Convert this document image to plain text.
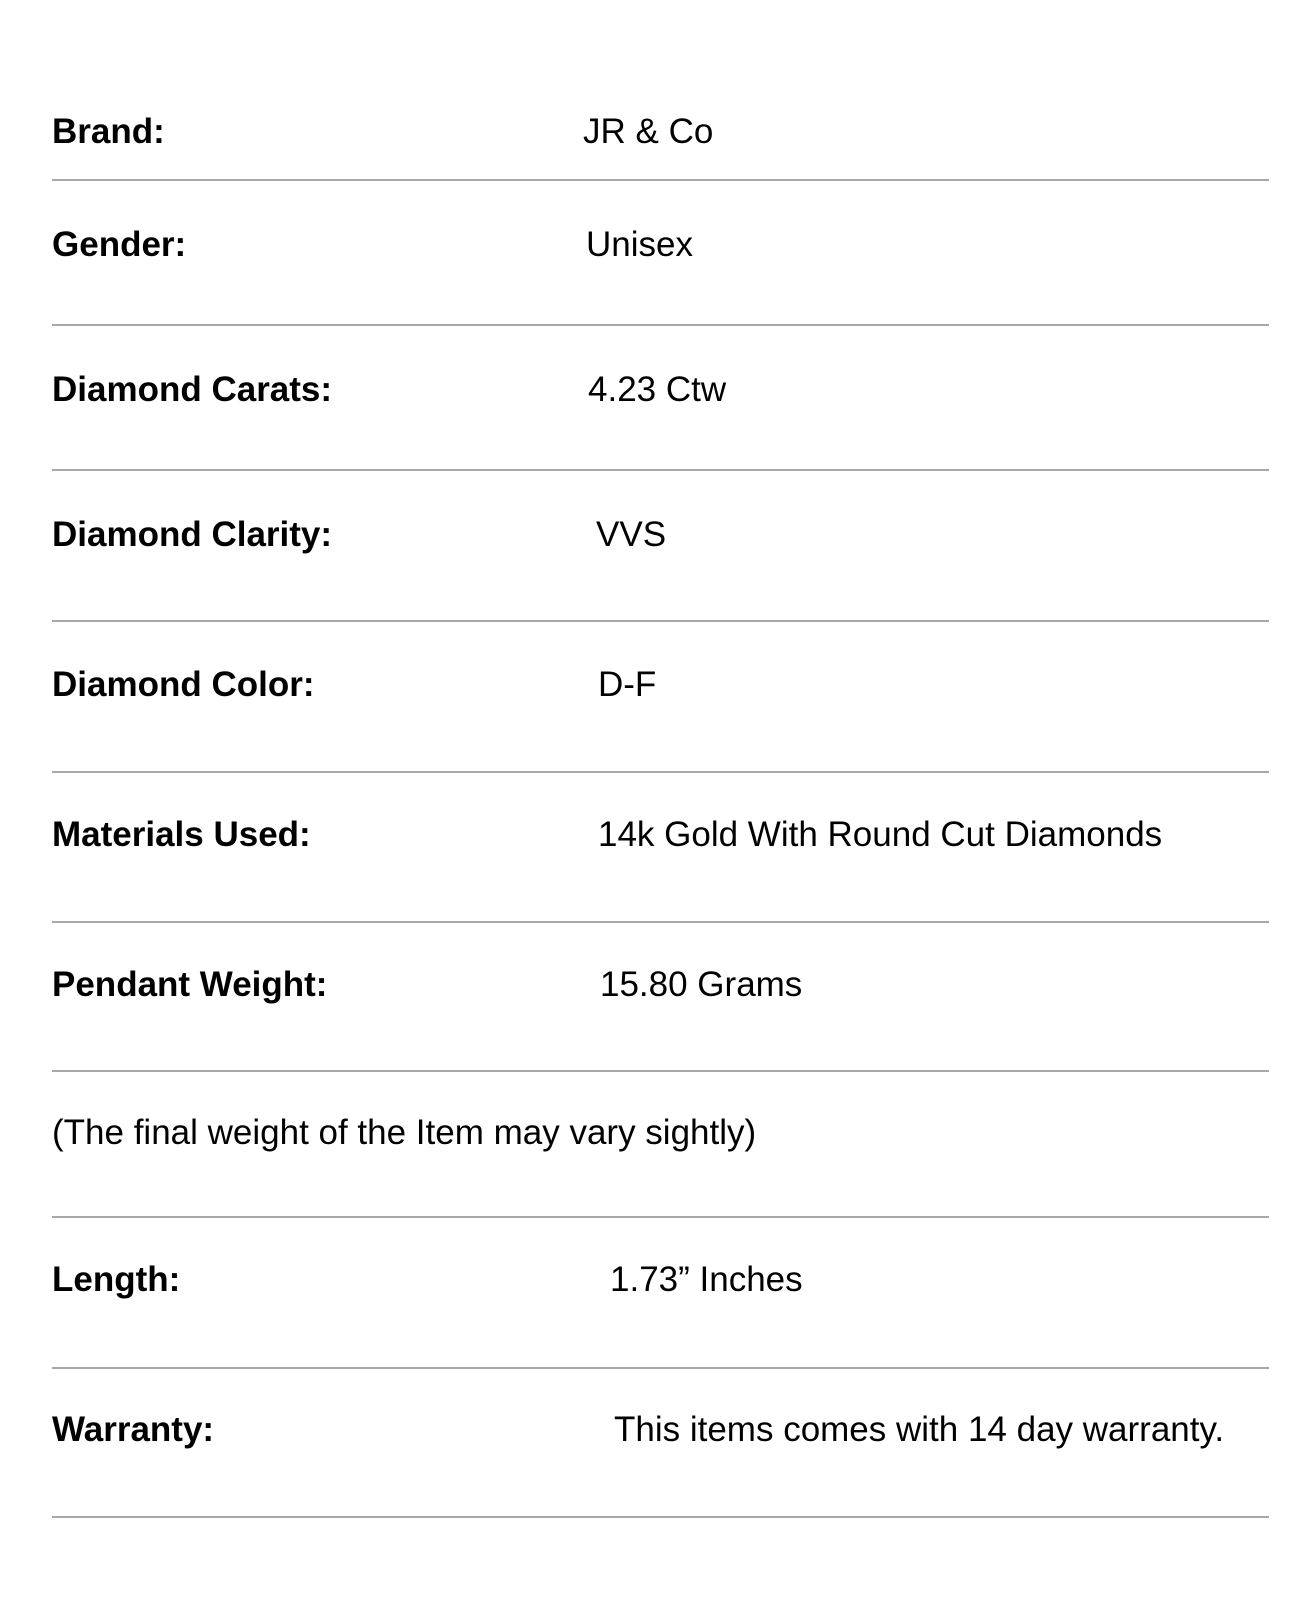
Brand:	JR & Co
Gender:	Unisex
Diamond Carats:	4.23 Ctw
Diamond Clarity:	VVS
Diamond Color:	D-F
Materials Used:	14k Gold With Round Cut Diamonds
Pendant Weight:	15.80 Grams
(The final weight of the Item may vary sightly)
Length:	1.73” Inches
Warranty:	This items comes with 14 day warranty.
